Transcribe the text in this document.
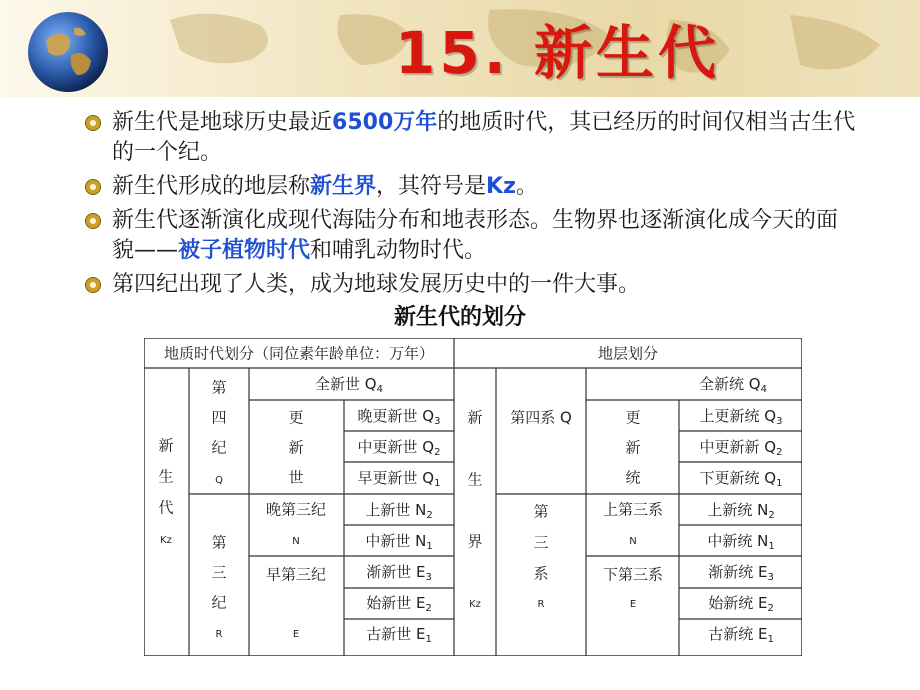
15. 新生代
新生代是地球历史最近6500万年的地质时代，其已经历的时间仅相当古生代的一个纪。
新生代形成的地层称新生界，其符号是Kz。
新生代逐渐演化成现代海陆分布和地表形态。生物界也逐渐演化成今天的面貌——被子植物时代和哺乳动物时代。
第四纪出现了人类，成为地球发展历史中的一件大事。
新生代的划分
地质时代划分（同位素年龄单位：万年）	地层划分
新
生
代
Kz
第
四
纪
Q
全新世 $Q_4$
更
新
世
晚更新世 $Q_3$
中更新世 $Q_2$
早更新世 $Q_1$
第
三
纪
R
晚第三纪
N
早第三纪
E
上新世 $N_2$
中新世 $N_1$
渐新世 $E_3$
始新世 $E_2$
古新世 $E_1$
新
生
界
Kz
第四系 Q
全新统 $Q_4$
更
新
统
上更新统 $Q_3$
中更新新 $Q_2$
下更新统 $Q_1$
第
三
系
R
上第三系
N
下第三系
E
上新统 $N_2$
中新统 $N_1$
渐新统 $E_3$
始新统 $E_2$
古新统 $E_1$
